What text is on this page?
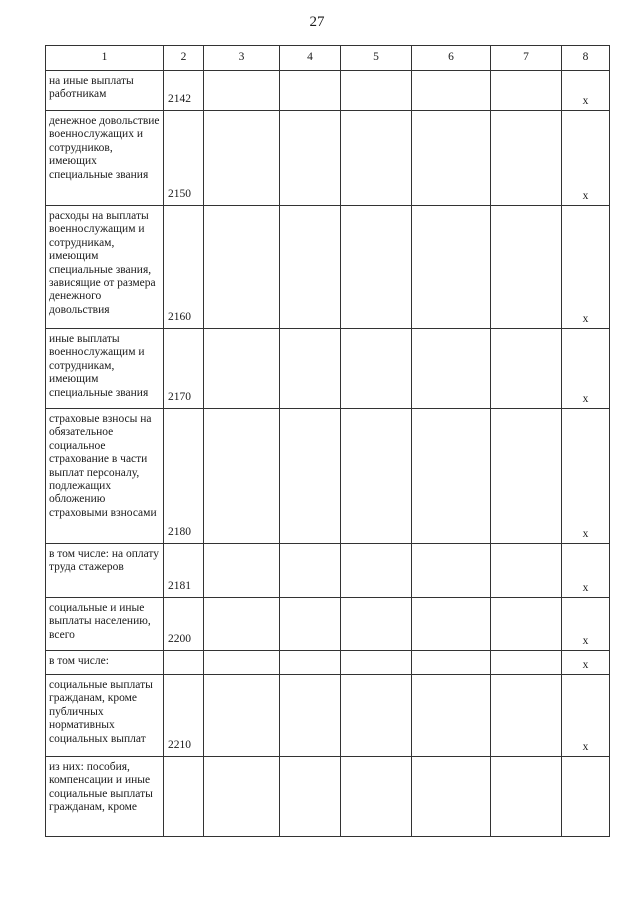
27
1	2	3	4	5	6	7	8
на иные выплаты работникам	2142						x
денежное довольствие военнослужащих и сотрудников, имеющих специальные звания	2150						x
расходы на выплаты военнослужащим и сотрудникам, имеющим специальные звания, зависящие от размера денежного довольствия	2160						x
иные выплаты военнослужащим и сотрудникам, имеющим специальные звания	2170						x
страховые взносы на обязательное социальное страхование в части выплат персоналу, подлежащих обложению страховыми взносами	2180						x
в том числе: на оплату труда стажеров	2181						x
социальные и иные выплаты населению, всего	2200						x
в том числе:							x
социальные выплаты гражданам, кроме публичных нормативных социальных выплат	2210						x
из них: пособия, компенсации и иные социальные выплаты гражданам, кроме							
